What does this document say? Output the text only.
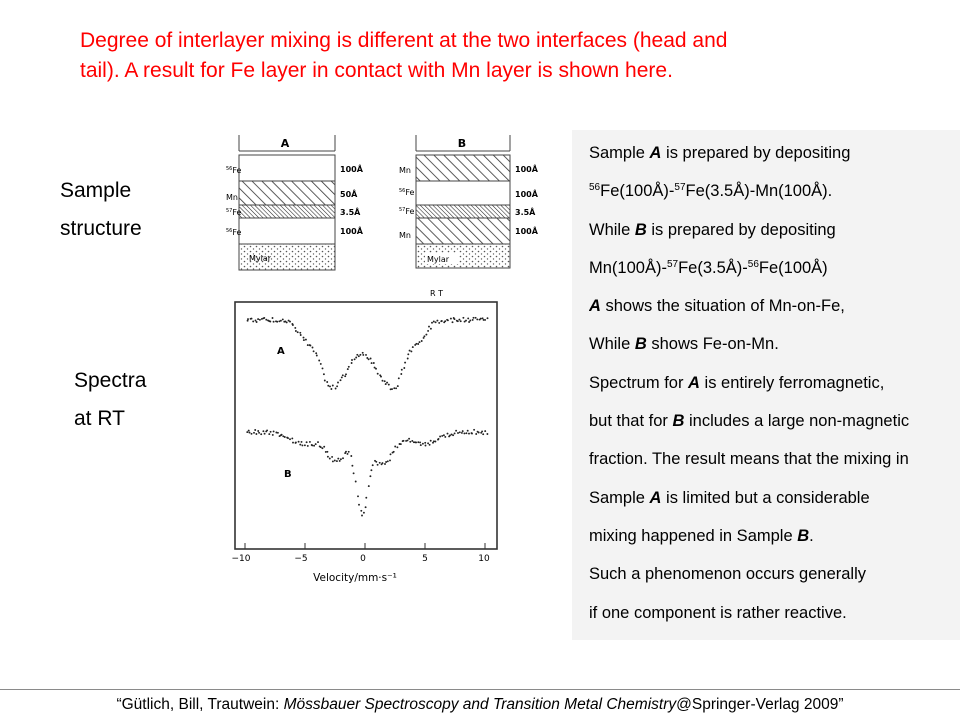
Degree of interlayer mixing is different at the two interfaces (head and
tail). A result for Fe layer in contact with Mn layer is shown here.

Sample
structure
Spectra
at RT
A
Mylar
$^{56}$Fe
Mn
$^{57}$Fe
$^{56}$Fe
100Å
50Å
3.5Å
100Å
B
Mylar
Mn
$^{56}$Fe
$^{57}$Fe
Mn
100Å
100Å
3.5Å
100Å
R T
A
B
−10	−5	0	5	10
Velocity/mm·s⁻¹

Sample A is prepared by depositing

$^{56}$Fe(100Å)-$^{57}$Fe(3.5Å)-Mn(100Å).

While B is prepared by depositing

Mn(100Å)-$^{57}$Fe(3.5Å)-$^{56}$Fe(100Å)

A shows the situation of Mn-on-Fe,

While B shows Fe-on-Mn.

Spectrum for A is entirely ferromagnetic,

but that for B includes a large non-magnetic

fraction. The result means that the mixing in

Sample A is limited but a considerable

mixing happened in Sample B.

Such a phenomenon occurs generally

if one component is rather reactive.

“Gütlich, Bill, Trautwein: Mössbauer Spectroscopy and Transition Metal Chemistry@Springer-Verlag 2009”
